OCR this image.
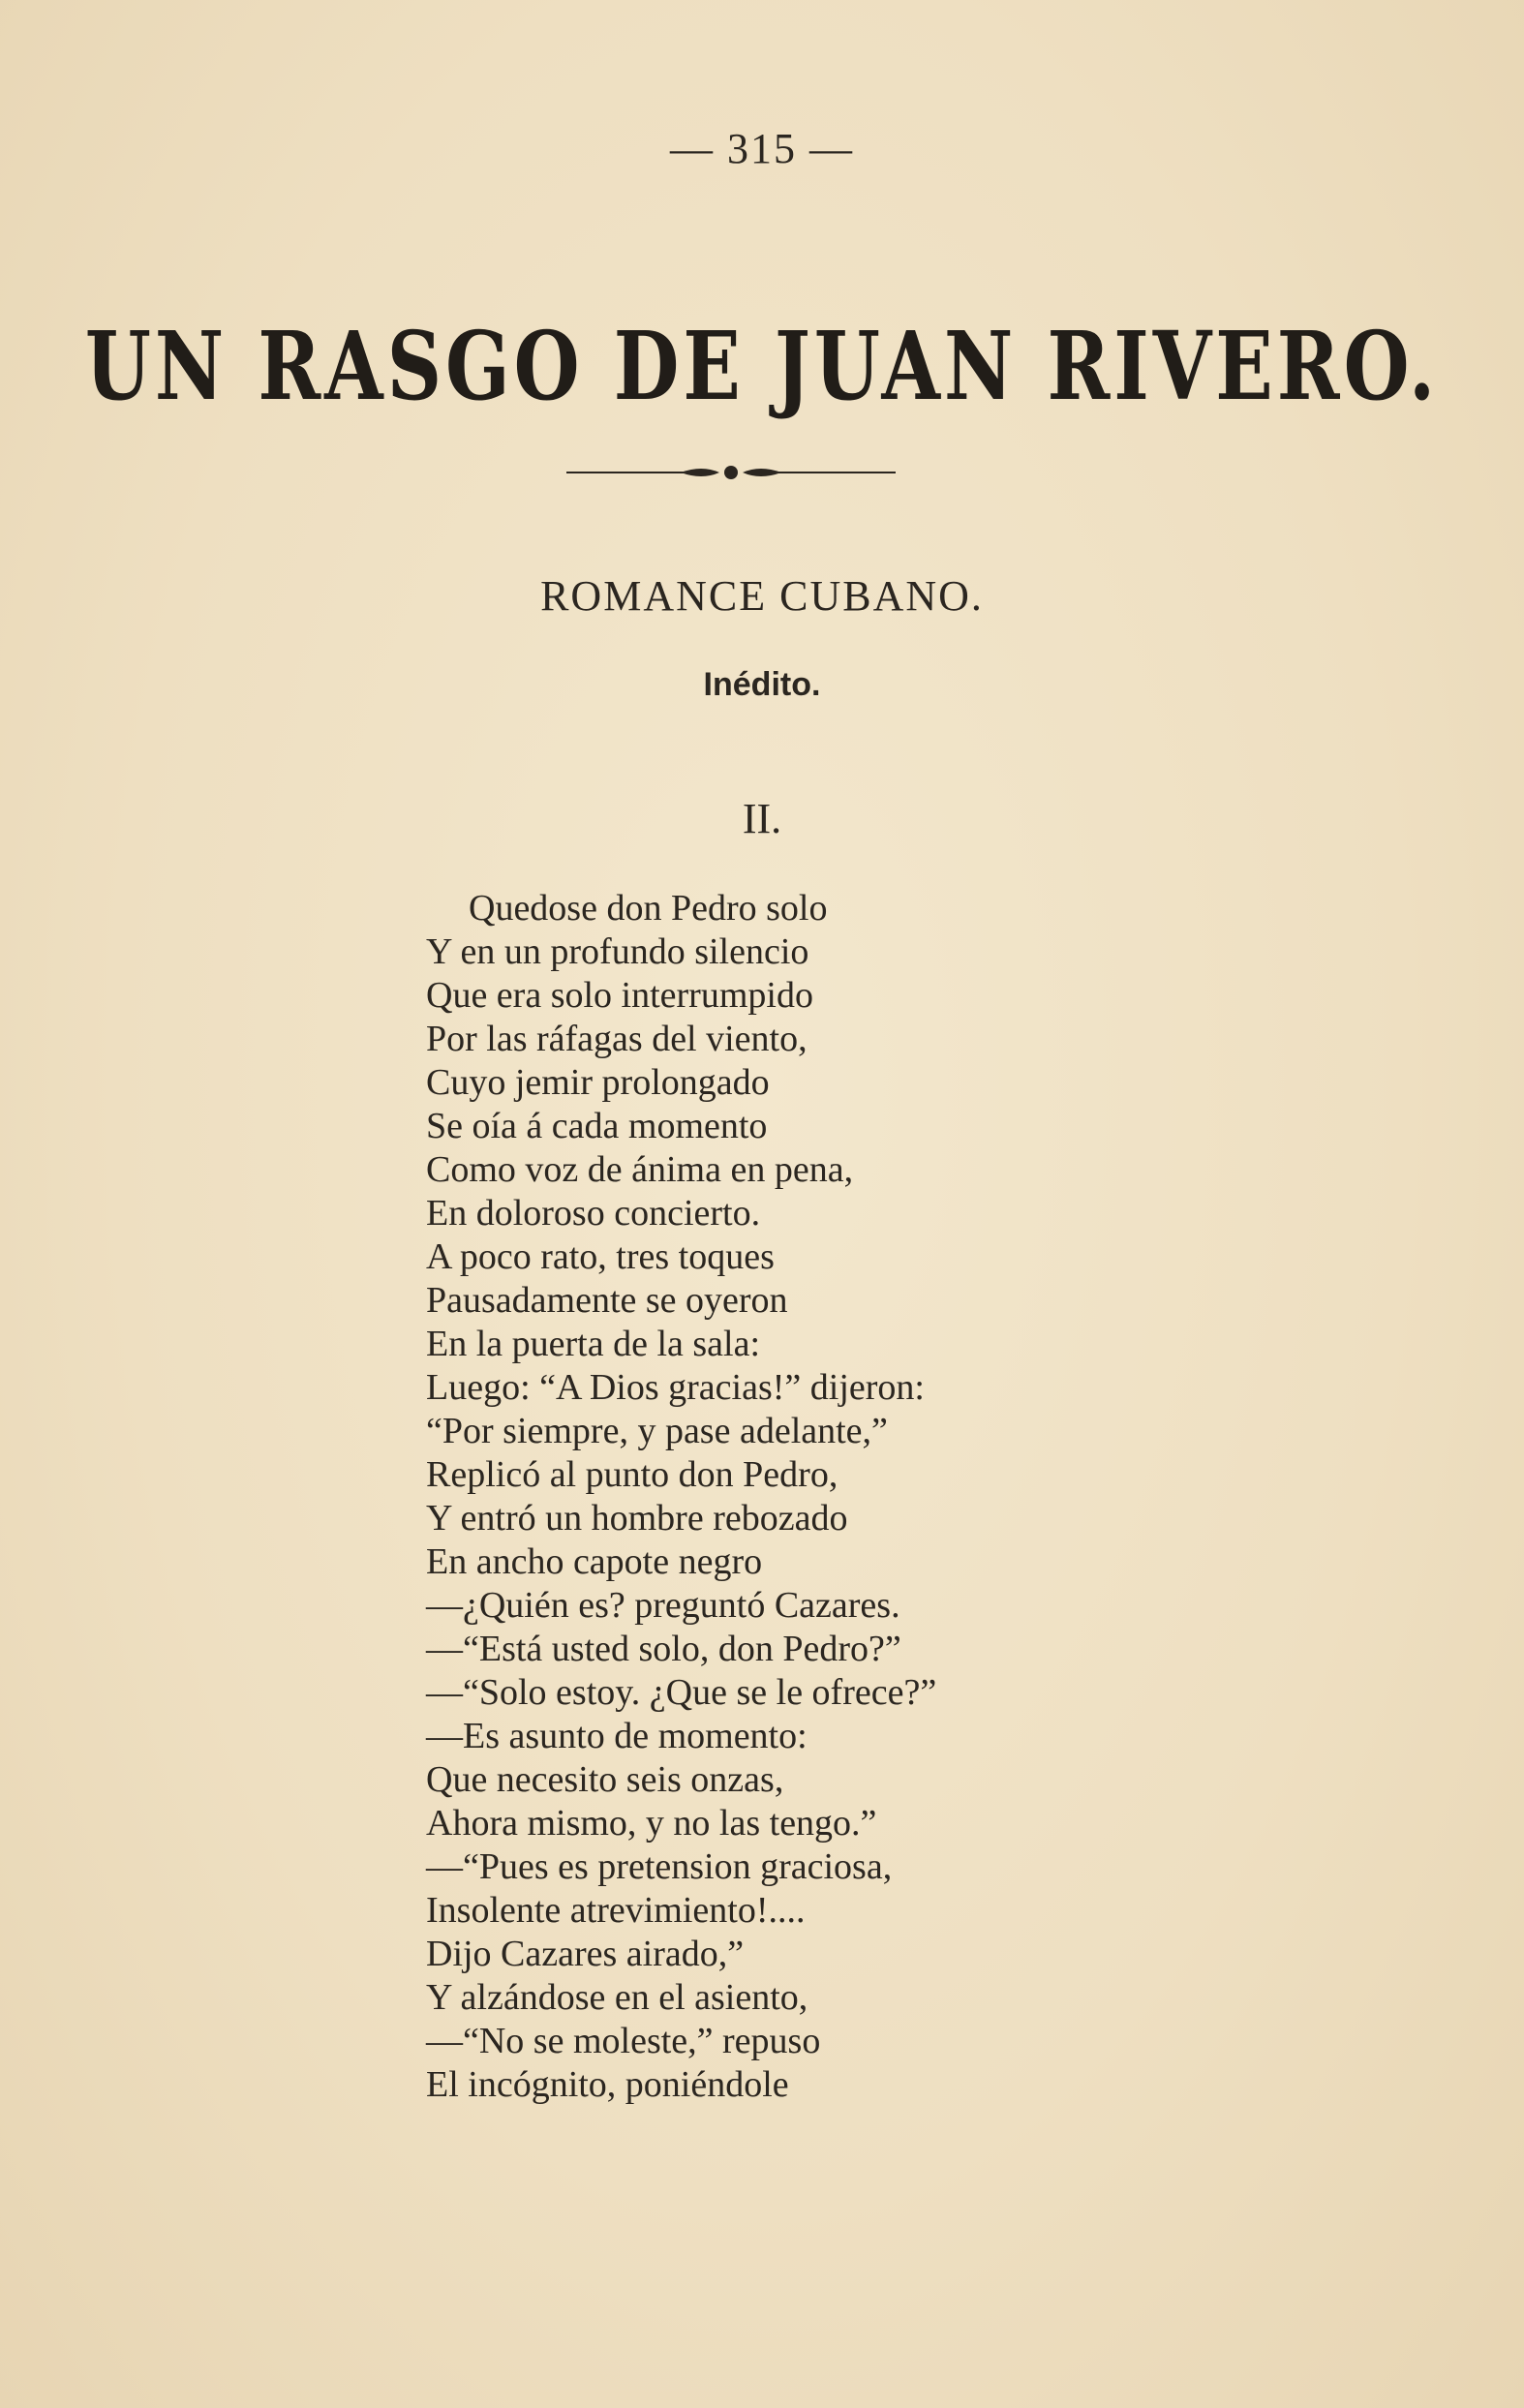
— 315 —
UN RASGO DE JUAN RIVERO.
ROMANCE CUBANO.
Inédito.
II.
Quedose don Pedro solo
Y en un profundo silencio
Que era solo interrumpido
Por las ráfagas del viento,
Cuyo jemir prolongado
Se oía á cada momento
Como voz de ánima en pena,
En doloroso concierto.
A poco rato, tres toques
Pausadamente se oyeron
En la puerta de la sala:
Luego: “A Dios gracias!” dijeron:
“Por siempre, y pase adelante,”
Replicó al punto don Pedro,
Y entró un hombre rebozado
En ancho capote negro
—¿Quién es? preguntó Cazares.
—“Está usted solo, don Pedro?”
—“Solo estoy. ¿Que se le ofrece?”
—Es asunto de momento:
Que necesito seis onzas,
Ahora mismo, y no las tengo.”
—“Pues es pretension graciosa,
Insolente atrevimiento!....
Dijo Cazares airado,”
Y alzándose en el asiento,
—“No se moleste,” repuso
El incógnito, poniéndole
